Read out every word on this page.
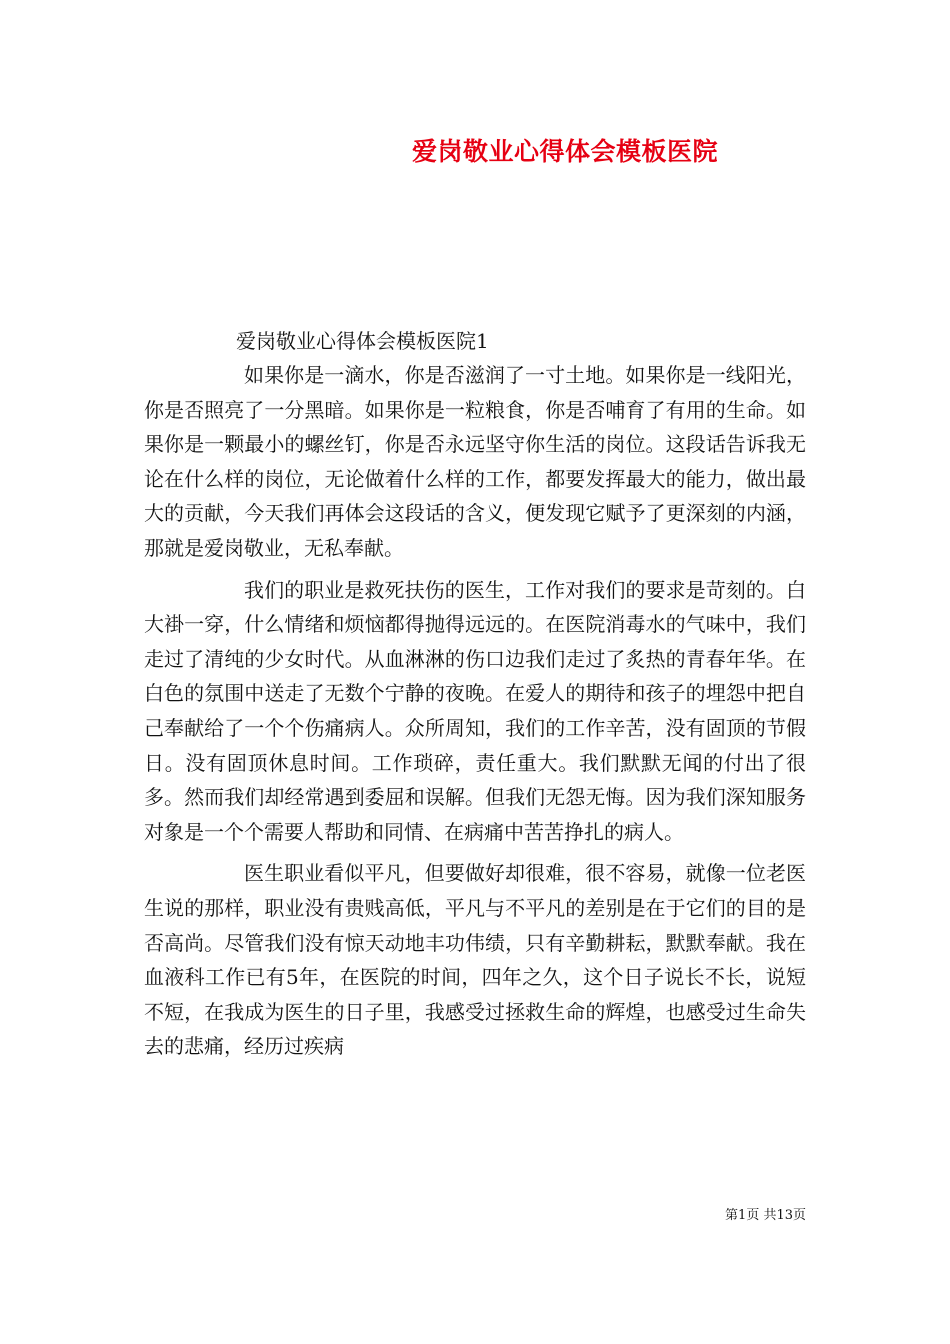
爱岗敬业心得体会模板医院

爱岗敬业心得体会模板医院1

如果你是一滴水，你是否滋润了一寸土地。如果你是一线阳光，你是否照亮了一分黑暗。如果你是一粒粮食，你是否哺育了有用的生命。如果你是一颗最小的螺丝钉，你是否永远坚守你生活的岗位。这段话告诉我无论在什么样的岗位，无论做着什么样的工作，都要发挥最大的能力，做出最大的贡献，今天我们再体会这段话的含义，便发现它赋予了更深刻的内涵，那就是爱岗敬业，无私奉献。

我们的职业是救死扶伤的医生，工作对我们的要求是苛刻的。白大褂一穿，什么情绪和烦恼都得抛得远远的。在医院消毒水的气味中，我们走过了清纯的少女时代。从血淋淋的伤口边我们走过了炙热的青春年华。在白色的氛围中送走了无数个宁静的夜晚。在爱人的期待和孩子的埋怨中把自己奉献给了一个个伤痛病人。众所周知，我们的工作辛苦，没有固顶的节假日。没有固顶休息时间。工作琐碎，责任重大。我们默默无闻的付出了很多。然而我们却经常遇到委屈和误解。但我们无怨无悔。因为我们深知服务对象是一个个需要人帮助和同情、在病痛中苦苦挣扎的病人。

医生职业看似平凡，但要做好却很难，很不容易，就像一位老医生说的那样，职业没有贵贱高低，平凡与不平凡的差别是在于它们的目的是否高尚。尽管我们没有惊天动地丰功伟绩，只有辛勤耕耘，默默奉献。我在血液科工作已有5年，在医院的时间，四年之久，这个日子说长不长，说短不短，在我成为医生的日子里，我感受过拯救生命的辉煌，也感受过生命失去的悲痛，经历过疾病

第1页 共13页
